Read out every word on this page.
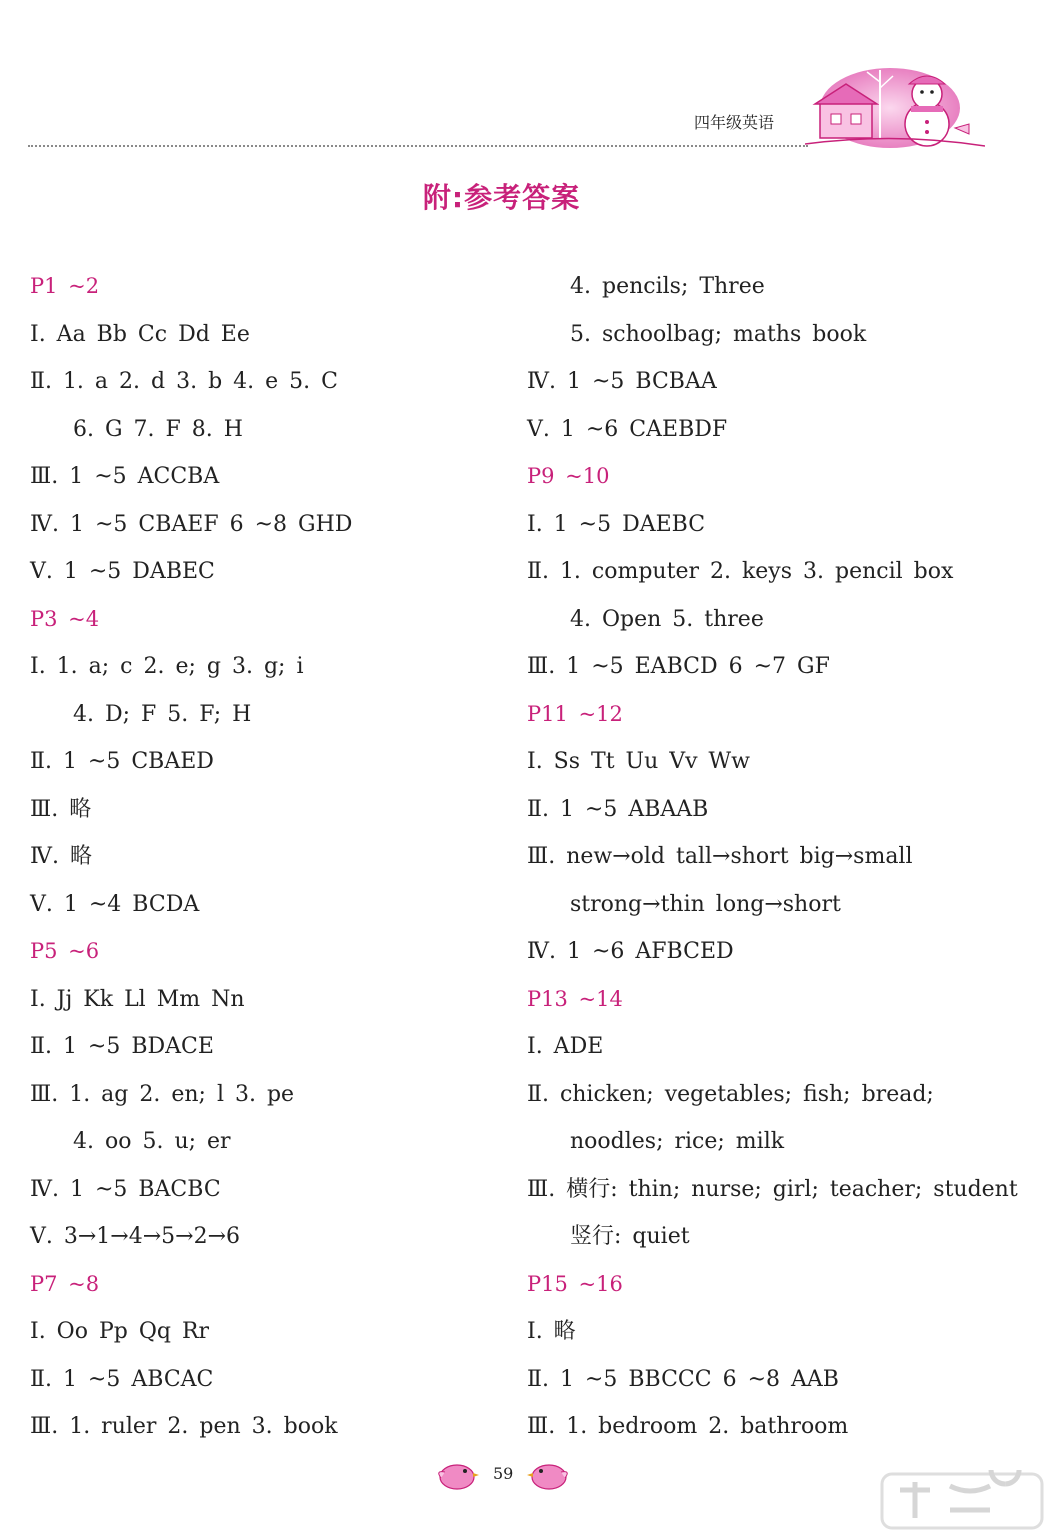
四年级英语
附:参考答案
P1 ~2
Ⅰ. Aa Bb Cc Dd Ee
Ⅱ. 1. a 2. d 3. b 4. e 5. C
6. G 7. F 8. H
Ⅲ. 1 ~5 ACCBA
Ⅳ. 1 ~5 CBAEF 6 ~8 GHD
Ⅴ. 1 ~5 DABEC
P3 ~4
Ⅰ. 1. a; c 2. e; g 3. g; i
4. D; F 5. F; H
Ⅱ. 1 ~5 CBAED
Ⅲ. 略
Ⅳ. 略
Ⅴ. 1 ~4 BCDA
P5 ~6
Ⅰ. Jj Kk Ll Mm Nn
Ⅱ. 1 ~5 BDACE
Ⅲ. 1. ag 2. en; l 3. pe
4. oo 5. u; er
Ⅳ. 1 ~5 BACBC
Ⅴ. 3→1→4→5→2→6
P7 ~8
Ⅰ. Oo Pp Qq Rr
Ⅱ. 1 ~5 ABCAC
Ⅲ. 1. ruler 2. pen 3. book
4. pencils; Three
5. schoolbag; maths book
Ⅳ. 1 ~5 BCBAA
Ⅴ. 1 ~6 CAEBDF
P9 ~10
Ⅰ. 1 ~5 DAEBC
Ⅱ. 1. computer 2. keys 3. pencil box
4. Open 5. three
Ⅲ. 1 ~5 EABCD 6 ~7 GF
P11 ~12
Ⅰ. Ss Tt Uu Vv Ww
Ⅱ. 1 ~5 ABAAB
Ⅲ. new→old tall→short big→small
strong→thin long→short
Ⅳ. 1 ~6 AFBCED
P13 ~14
Ⅰ. ADE
Ⅱ. chicken; vegetables; fish; bread;
noodles; rice; milk
Ⅲ. 横行: thin; nurse; girl; teacher; student
竖行: quiet
P15 ~16
Ⅰ. 略
Ⅱ. 1 ~5 BBCCC 6 ~8 AAB
Ⅲ. 1. bedroom 2. bathroom
59
